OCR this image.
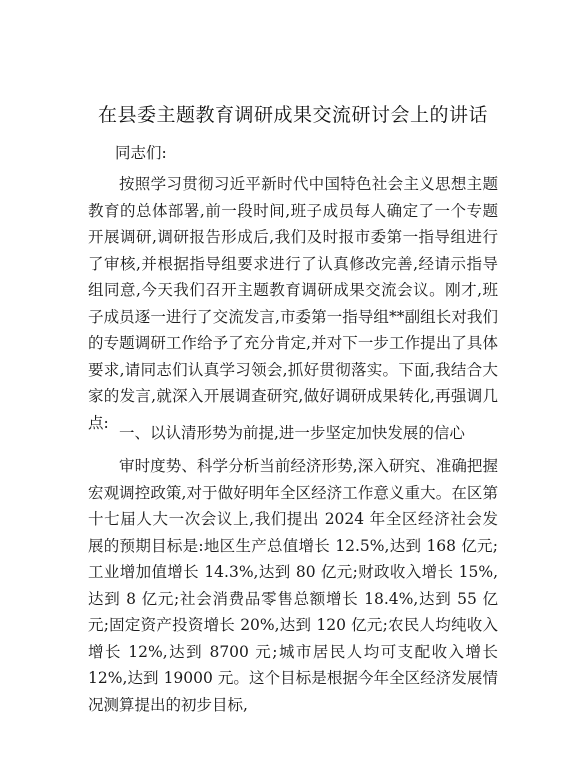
在县委主题教育调研成果交流研讨会上的讲话
同志们:

按照学习贯彻习近平新时代中国特色社会主义思想主题教育的总体部署,前一段时间,班子成员每人确定了一个专题开展调研,调研报告形成后,我们及时报市委第一指导组进行了审核,并根据指导组要求进行了认真修改完善,经请示指导组同意,今天我们召开主题教育调研成果交流会议。刚才,班子成员逐一进行了交流发言,市委第一指导组**副组长对我们的专题调研工作给予了充分肯定,并对下一步工作提出了具体要求,请同志们认真学习领会,抓好贯彻落实。下面,我结合大家的发言,就深入开展调查研究,做好调研成果转化,再强调几点:

一、以认清形势为前提,进一步坚定加快发展的信心

审时度势、科学分析当前经济形势,深入研究、准确把握宏观调控政策,对于做好明年全区经济工作意义重大。在区第十七届人大一次会议上,我们提出 2024 年全区经济社会发展的预期目标是:地区生产总值增长 12.5%,达到 168 亿元;工业增加值增长 14.3%,达到 80 亿元;财政收入增长 15%,达到 8 亿元;社会消费品零售总额增长 18.4%,达到 55 亿元;固定资产投资增长 20%,达到 120 亿元;农民人均纯收入增长 12%,达到 8700 元;城市居民人均可支配收入增长 12%,达到 19000 元。这个目标是根据今年全区经济发展情况测算提出的初步目标,
